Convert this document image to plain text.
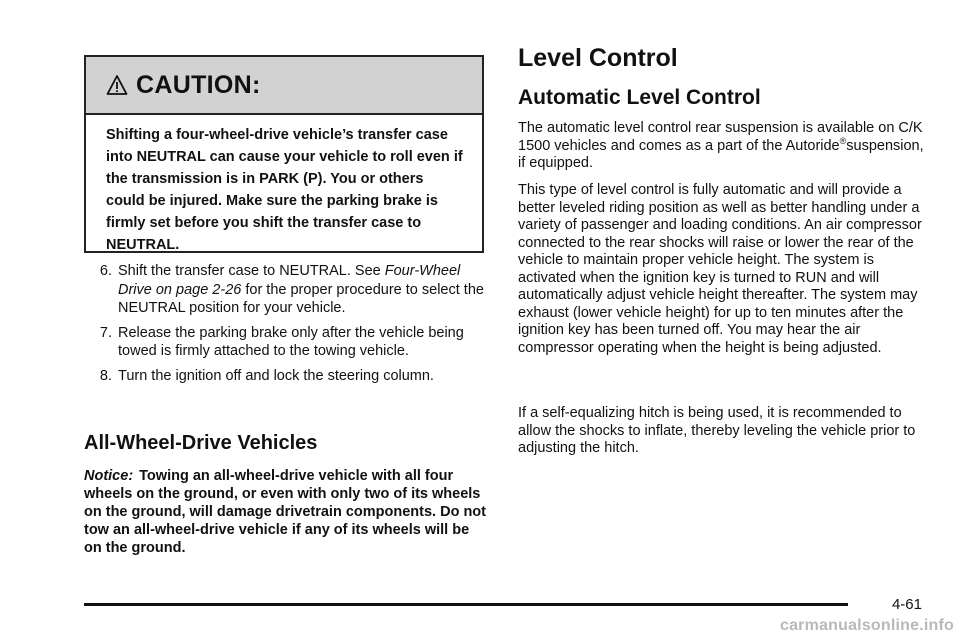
CAUTION:
Shifting a four-wheel-drive vehicle’s transfer case into NEUTRAL can cause your vehicle to roll even if the transmission is in PARK (P). You or others could be injured. Make sure the parking brake is firmly set before you shift the transfer case to NEUTRAL.
6. Shift the transfer case to NEUTRAL. See Four-Wheel Drive on page 2-26 for the proper procedure to select the NEUTRAL position for your vehicle.
7. Release the parking brake only after the vehicle being towed is firmly attached to the towing vehicle.
8. Turn the ignition off and lock the steering column.
All-Wheel-Drive Vehicles

Notice: Towing an all-wheel-drive vehicle with all four wheels on the ground, or even with only two of its wheels on the ground, will damage drivetrain components. Do not tow an all-wheel-drive vehicle if any of its wheels will be on the ground.

Level Control
Automatic Level Control

The automatic level control rear suspension is available on C/K 1500 vehicles and comes as a part of the Autoride®suspension, if equipped.

This type of level control is fully automatic and will provide a better leveled riding position as well as better handling under a variety of passenger and loading conditions. An air compressor connected to the rear shocks will raise or lower the rear of the vehicle to maintain proper vehicle height. The system is activated when the ignition key is turned to RUN and will automatically adjust vehicle height thereafter. The system may exhaust (lower vehicle height) for up to ten minutes after the ignition key has been turned off. You may hear the air compressor operating when the height is being adjusted.

If a self-equalizing hitch is being used, it is recommended to allow the shocks to inflate, thereby leveling the vehicle prior to adjusting the hitch.

4-61
carmanualsonline.info
